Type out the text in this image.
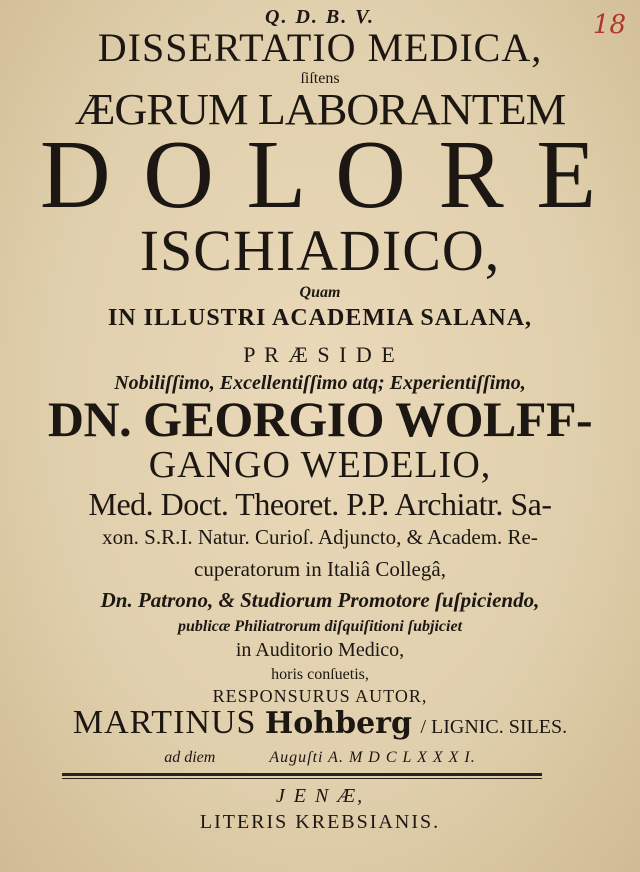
18
Q. D. B. V.
DISSERTATIO MEDICA,
ſiſtens
ÆGRUM LABORANTEM
D O L O R E
ISCHIADICO,
Quam
IN ILLUSTRI ACADEMIA SALANA,
P R Æ S I D E
Nobiliſſimo, Excellentiſſimo atq; Experientiſſimo,
DN. GEORGIO WOLFF-
GANGO WEDELIO,
Med. Doct. Theoret. P.P. Archiatr. Sa-
xon. S.R.I. Natur. Curioſ. Adjuncto, & Academ. Re-
cuperatorum in Italiâ Collegâ,
Dn. Patrono, & Studiorum Promotore ſuſpiciendo,
publicæ Philiatrorum diſquiſitioni ſubjiciet
in Auditorio Medico,
horis conſuetis,
RESPONSURUS AUTOR,
MARTINUS Hohberg / LIGNIC. SILES.
ad diem	Auguſti A. M D C L X X X I.
J E N Æ,
LITERIS KREBSIANIS.
